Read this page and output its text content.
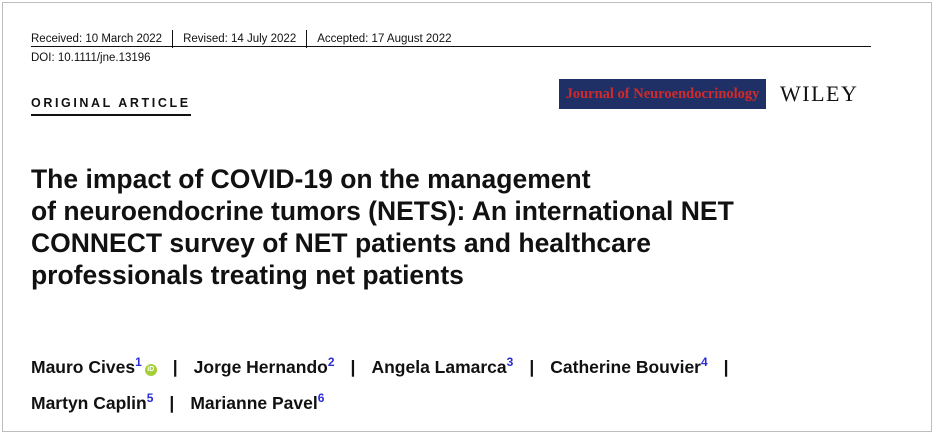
Received: 10 March 2022 Revised: 14 July 2022 Accepted: 17 August 2022
DOI: 10.1111/jne.13196
ORIGINAL ARTICLE
Journal of Neuroendocrinology WILEY
The impact of COVID-19 on the management
of neuroendocrine tumors (NETS): An international NET
CONNECT survey of NET patients and healthcare
professionals treating net patients
Mauro Cives$^1$iD | Jorge Hernando$^2$ | Angela Lamarca$^3$ | Catherine Bouvier$^4$ |
Martyn Caplin$^5$ | Marianne Pavel$^6$
